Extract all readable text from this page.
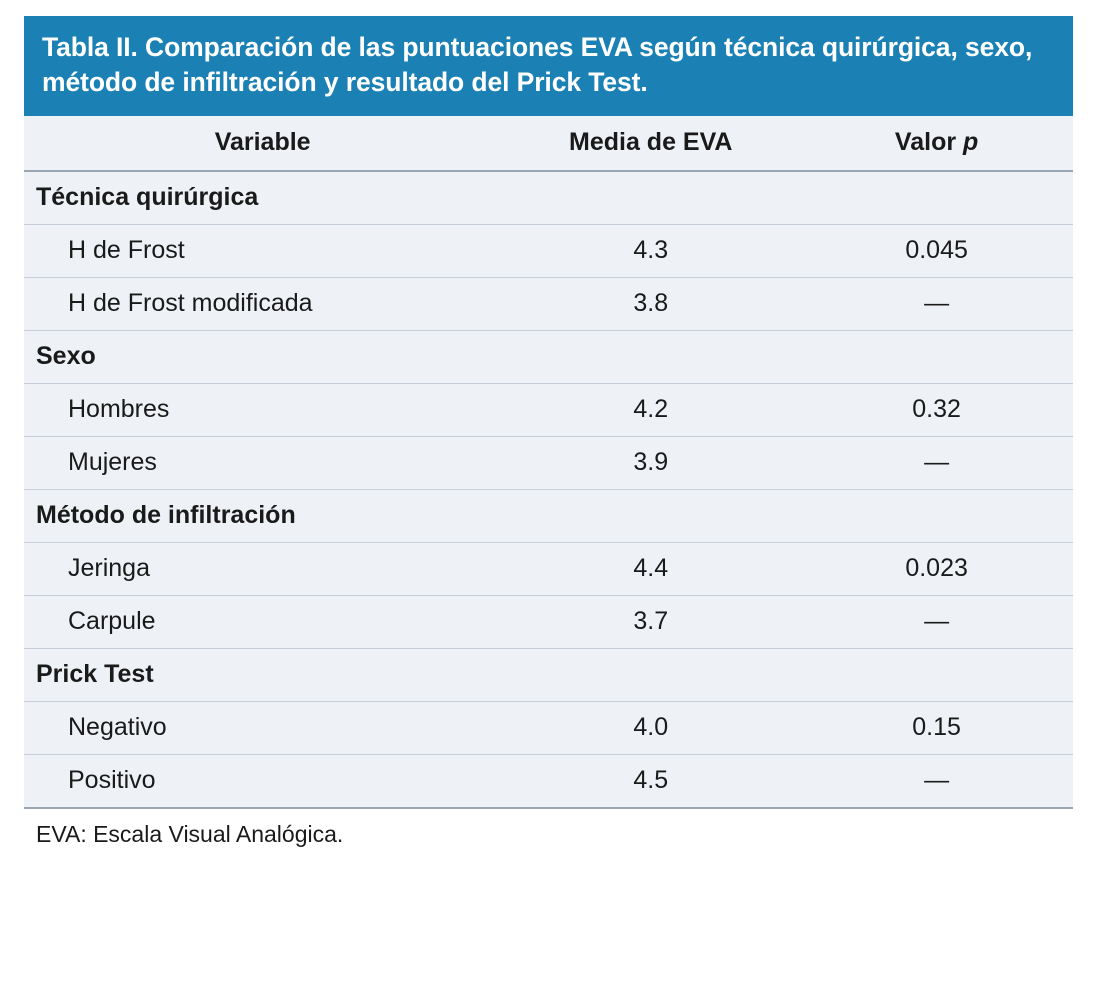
Tabla II. Comparación de las puntuaciones EVA según técnica quirúrgica, sexo, método de infiltración y resultado del Prick Test.
Variable	Media de EVA	Valor p
Técnica quirúrgica		
H de Frost	4.3	0.045
H de Frost modificada	3.8	—
Sexo		
Hombres	4.2	0.32
Mujeres	3.9	—
Método de infiltración		
Jeringa	4.4	0.023
Carpule	3.7	—
Prick Test		
Negativo	4.0	0.15
Positivo	4.5	—
EVA: Escala Visual Analógica.
